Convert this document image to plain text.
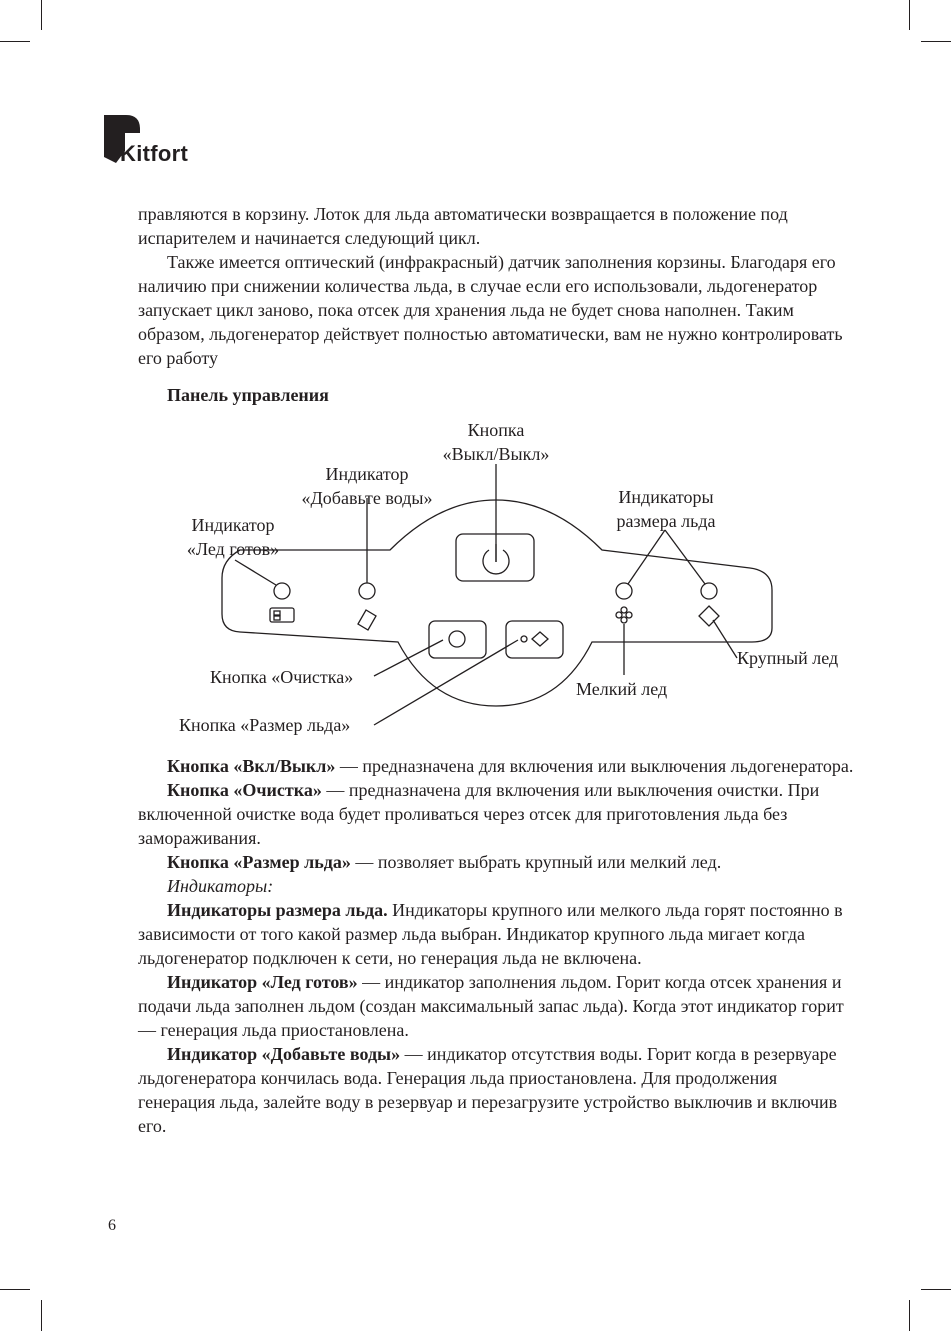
Kitfort

правляются в корзину. Лоток для льда автоматически возвращается в положение под испарителем и начинается следующий цикл.

Также имеется оптический (инфракрасный) датчик заполнения корзины. Благодаря его наличию при снижении количества льда, в случае если его использовали, льдогенератор запускает цикл заново, пока отсек для хранения льда не будет снова наполнен. Таким образом, льдогенератор действует полностью автоматически, вам не нужно контролировать его работу

Панель управления
Кнопка
«Выкл/Выкл»
Индикатор
«Добавьте воды»
Индикатор
«Лед готов»
Индикаторы
размера льда
Кнопка «Очистка»
Кнопка «Размер льда»
Мелкий лед
Крупный лед

Кнопка «Вкл/Выкл» — предназначена для включения или выключения льдогенератора.

Кнопка «Очистка» — предназначена для включения или выключения очистки. При включенной очистке вода будет проливаться через отсек для приготовления льда без замораживания.

Кнопка «Размер льда» — позволяет выбрать крупный или мелкий лед.

Индикаторы:

Индикаторы размера льда. Индикаторы крупного или мелкого льда горят постоянно в зависимости от того какой размер льда выбран. Индикатор крупного льда мигает когда льдогенератор подключен к сети, но генерация льда не включена.

Индикатор «Лед готов» — индикатор заполнения льдом. Горит когда отсек хранения и подачи льда заполнен льдом (создан максимальный запас льда). Когда этот индикатор горит — генерация льда приостановлена.

Индикатор «Добавьте воды» — индикатор отсутствия воды. Горит когда в резервуаре льдогенератора кончилась вода. Генерация льда приостановлена. Для продолжения генерация льда, залейте воду в резервуар и перезагрузите устройство выключив и включив его.

6
